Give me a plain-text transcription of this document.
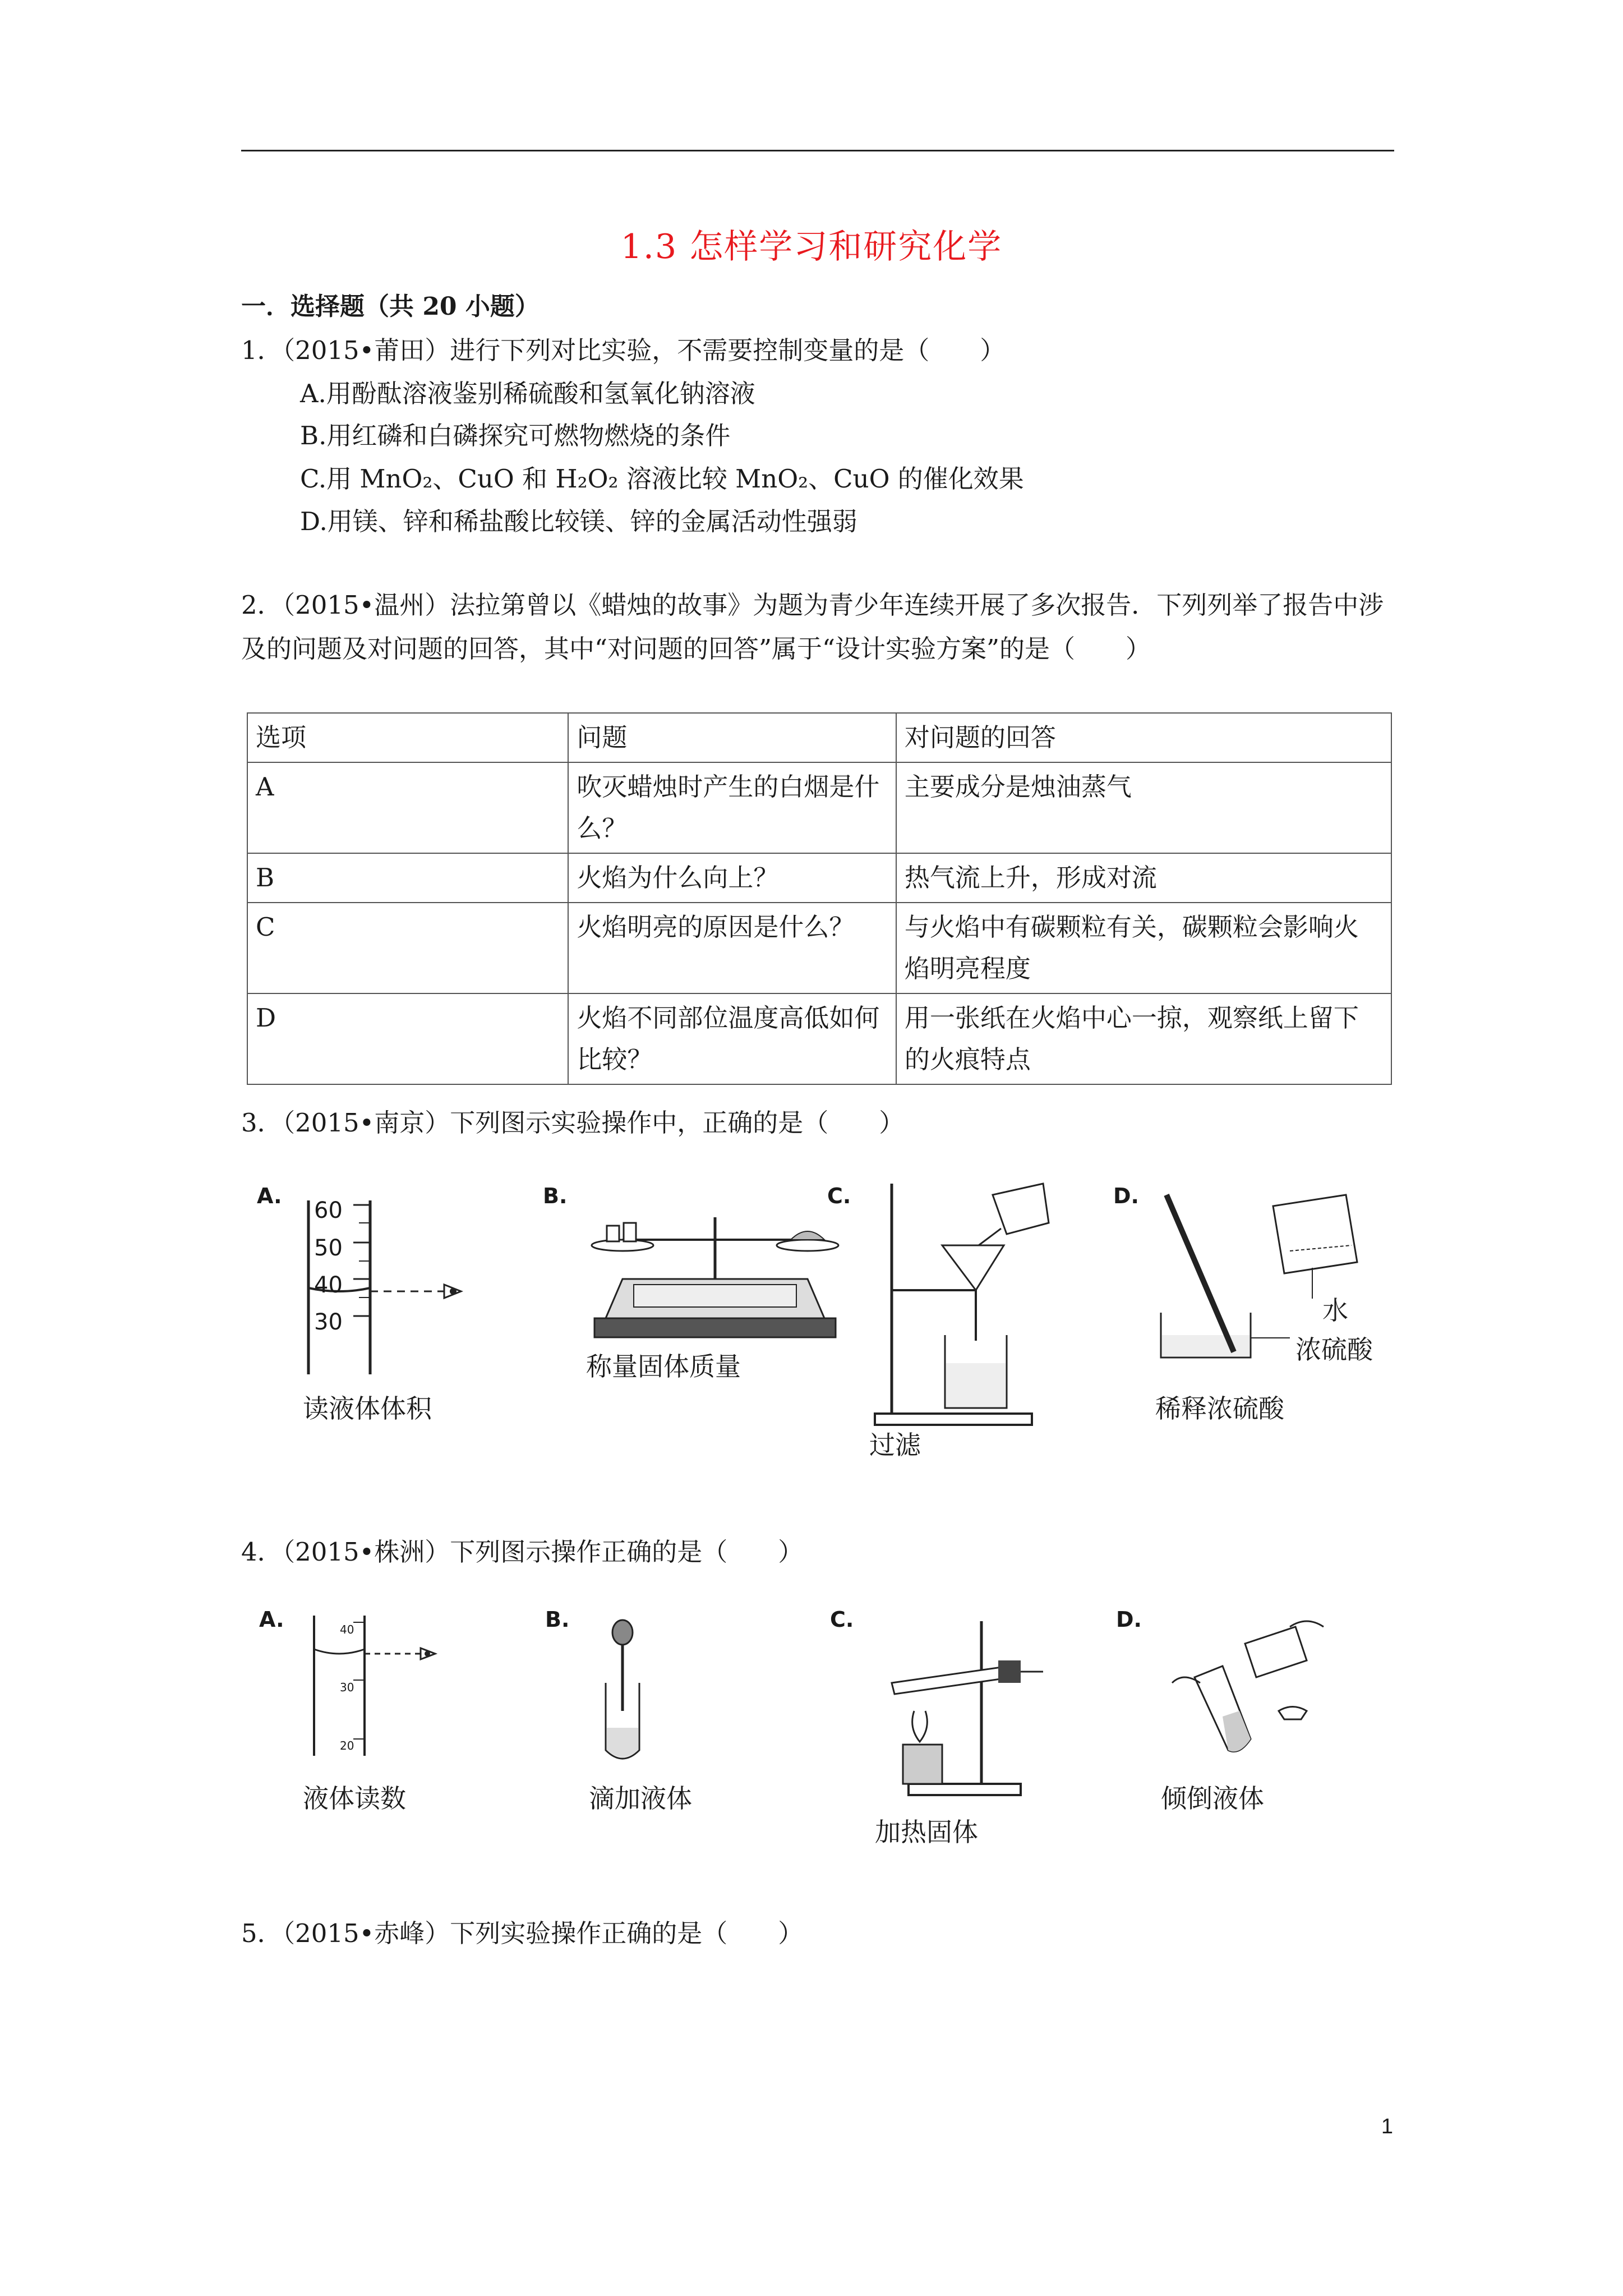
1.3 怎样学习和研究化学
一．选择题（共 20 小题）
1．（2015•莆田）进行下列对比实验，不需要控制变量的是（　　）
A.用酚酞溶液鉴别稀硫酸和氢氧化钠溶液
B.用红磷和白磷探究可燃物燃烧的条件
C.用 MnO₂、CuO 和 H₂O₂ 溶液比较 MnO₂、CuO 的催化效果
D.用镁、锌和稀盐酸比较镁、锌的金属活动性强弱
2．（2015•温州）法拉第曾以《蜡烛的故事》为题为青少年连续开展了多次报告．下列列举了报告中涉及的问题及对问题的回答，其中“对问题的回答”属于“设计实验方案”的是（　　）
选项	问题	对问题的回答
A	吹灭蜡烛时产生的白烟是什么？	主要成分是烛油蒸气
B	火焰为什么向上？	热气流上升，形成对流
C	火焰明亮的原因是什么？	与火焰中有碳颗粒有关，碳颗粒会影响火焰明亮程度
D	火焰不同部位温度高低如何比较？	用一张纸在火焰中心一掠，观察纸上留下的火痕特点
3．（2015•南京）下列图示实验操作中，正确的是（　　）
A.
60
50
40
30
读液体体积
B.
称量固体质量
C.
过滤
D.
水
浓硫酸
稀释浓硫酸
4．（2015•株洲）下列图示操作正确的是（　　）
A.	40
30
20
液体读数
B.
滴加液体
C.
加热固体
D.
倾倒液体
5．（2015•赤峰）下列实验操作正确的是（　　）
1
